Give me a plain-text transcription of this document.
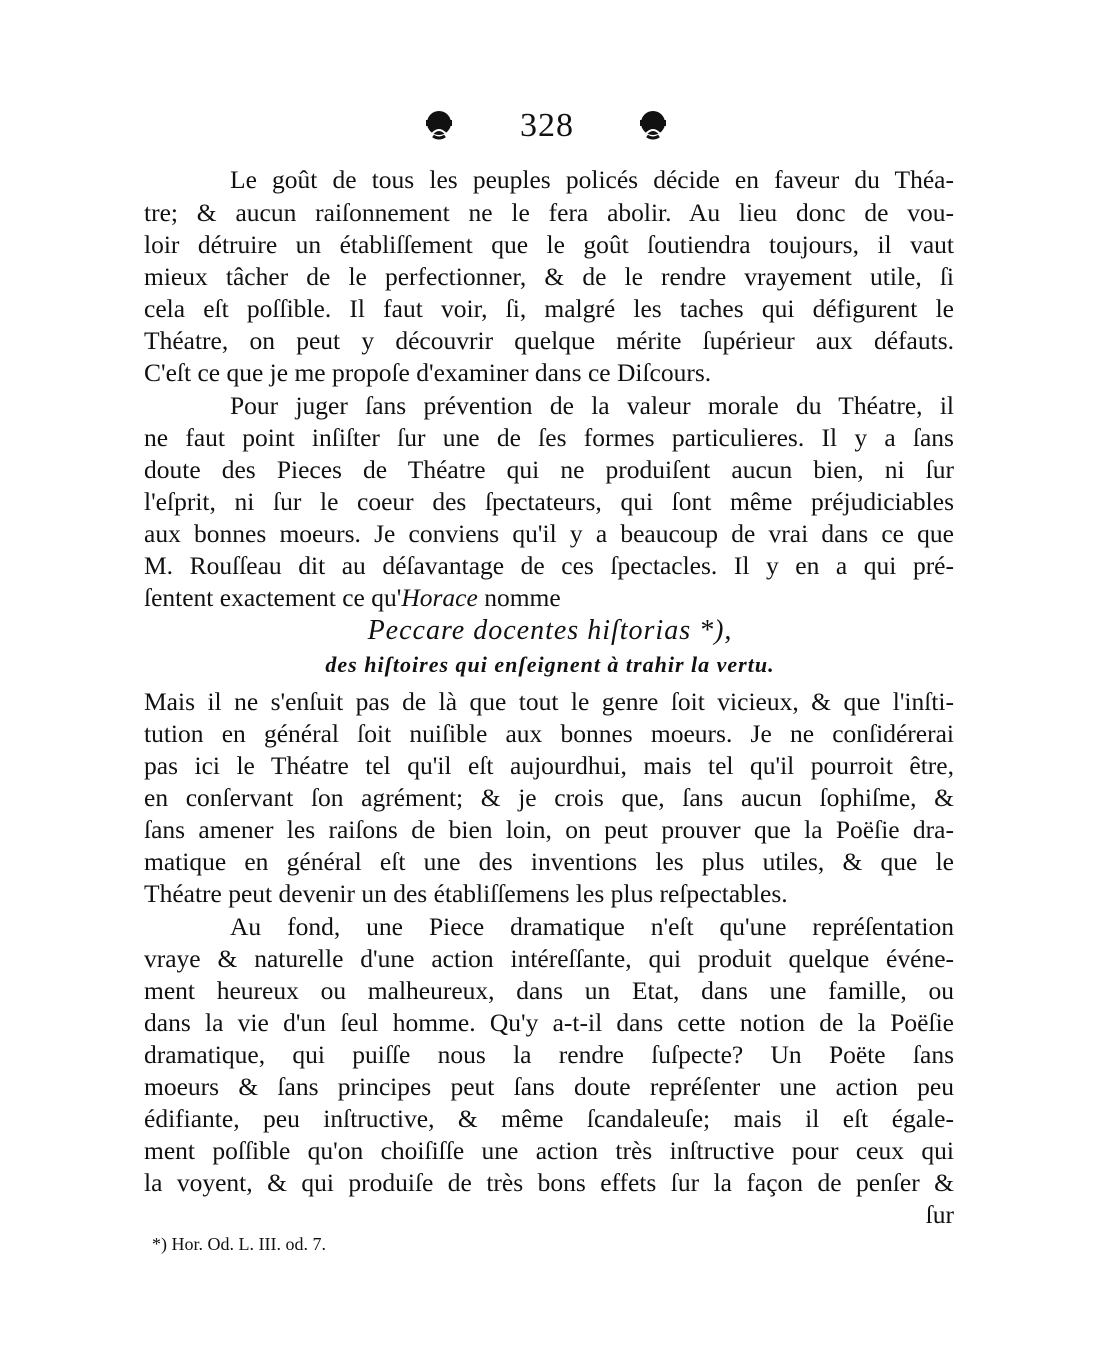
328
Le goût de tous les peuples policés décide en faveur du Théa-
tre; & aucun raiſonnement ne le fera abolir. Au lieu donc de vou-
loir détruire un établiſſement que le goût ſoutiendra toujours, il vaut
mieux tâcher de le perfectionner, & de le rendre vrayement utile, ſi
cela eſt poſſible. Il faut voir, ſi, malgré les taches qui défigurent le
Théatre, on peut y découvrir quelque mérite ſupérieur aux défauts.
C'eſt ce que je me propoſe d'examiner dans ce Diſcours.
Pour juger ſans prévention de la valeur morale du Théatre, il
ne faut point inſiſter ſur une de ſes formes particulieres. Il y a ſans
doute des Pieces de Théatre qui ne produiſent aucun bien, ni ſur
l'eſprit, ni ſur le coeur des ſpectateurs, qui ſont même préjudiciables
aux bonnes moeurs. Je conviens qu'il y a beaucoup de vrai dans ce que
M. Rouſſeau dit au déſavantage de ces ſpectacles. Il y en a qui pré-
ſentent exactement ce qu'Horace nomme
Peccare docentes hiſtorias *),
des hiſtoires qui enſeignent à trahir la vertu.
Mais il ne s'enſuit pas de là que tout le genre ſoit vicieux, & que l'inſti-
tution en général ſoit nuiſible aux bonnes moeurs. Je ne conſidérerai
pas ici le Théatre tel qu'il eſt aujourdhui, mais tel qu'il pourroit être,
en conſervant ſon agrément; & je crois que, ſans aucun ſophiſme, &
ſans amener les raiſons de bien loin, on peut prouver que la Poëſie dra-
matique en général eſt une des inventions les plus utiles, & que le
Théatre peut devenir un des établiſſemens les plus reſpectables.
Au fond, une Piece dramatique n'eſt qu'une repréſentation
vraye & naturelle d'une action intéreſſante, qui produit quelque événe-
ment heureux ou malheureux, dans un Etat, dans une famille, ou
dans la vie d'un ſeul homme. Qu'y a-t-il dans cette notion de la Poëſie
dramatique, qui puiſſe nous la rendre ſuſpecte? Un Poëte ſans
moeurs & ſans principes peut ſans doute repréſenter une action peu
édifiante, peu inſtructive, & même ſcandaleuſe; mais il eſt égale-
ment poſſible qu'on choiſiſſe une action très inſtructive pour ceux qui
la voyent, & qui produiſe de très bons effets ſur la façon de penſer &
ſur
*) Hor. Od. L. III. od. 7.
